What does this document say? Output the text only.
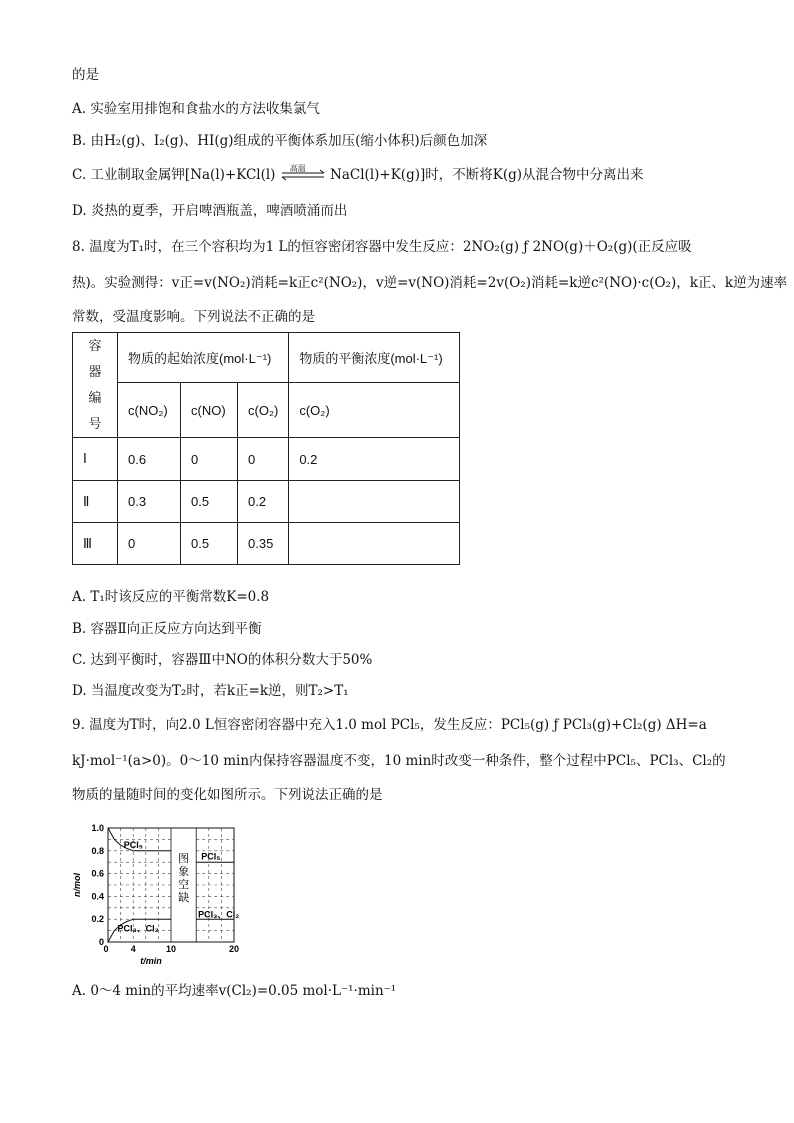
的是
A. 实验室用排饱和食盐水的方法收集氯气
B. 由H₂(g)、I₂(g)、HI(g)组成的平衡体系加压(缩小体积)后颜色加深
C. 工业制取金属钾[Na(l)+KCl(l) 高温 NaCl(l)+K(g)]时，不断将K(g)从混合物中分离出来
D. 炎热的夏季，开启啤酒瓶盖，啤酒喷涌而出
8. 温度为T₁时，在三个容积均为1 L的恒容密闭容器中发生反应：2NO₂(g) ƒ 2NO(g)＋O₂(g)(正反应吸
热)。实验测得：v正=v(NO₂)消耗=k正c²(NO₂)，v逆=v(NO)消耗=2v(O₂)消耗=k逆c²(NO)·c(O₂)，k正、k逆为速率
常数，受温度影响。下列说法不正确的是
容器编号	物质的起始浓度(mol·L⁻¹)			物质的平衡浓度(mol·L⁻¹)
	c(NO₂)	c(NO)	c(O₂)	c(O₂)
Ⅰ	0.6	0	0	0.2
Ⅱ	0.3	0.5	0.2	
Ⅲ	0	0.5	0.35	
A. T₁时该反应的平衡常数K=0.8
B. 容器Ⅱ向正反应方向达到平衡
C. 达到平衡时，容器Ⅲ中NO的体积分数大于50%
D. 当温度改变为T₂时，若k正=k逆，则T₂>T₁
9. 温度为T时，向2.0 L恒容密闭容器中充入1.0 mol PCl₅，发生反应：PCl₅(g) ƒ PCl₃(g)+Cl₂(g) ΔH=a
kJ·mol⁻¹(a>0)。0～10 min内保持容器温度不变，10 min时改变一种条件，整个过程中PCl₅、PCl₃、Cl₂的
物质的量随时间的变化如图所示。下列说法正确的是
图
象
空
缺
0
0.2
0.4
0.6
0.8
1.0
4	10	20
0
t/min
n/mol
PCl₅
PCl₃、Cl₂
PCl₅
PCl₃、Cl₂
A. 0～4 min的平均速率v(Cl₂)=0.05 mol·L⁻¹·min⁻¹
